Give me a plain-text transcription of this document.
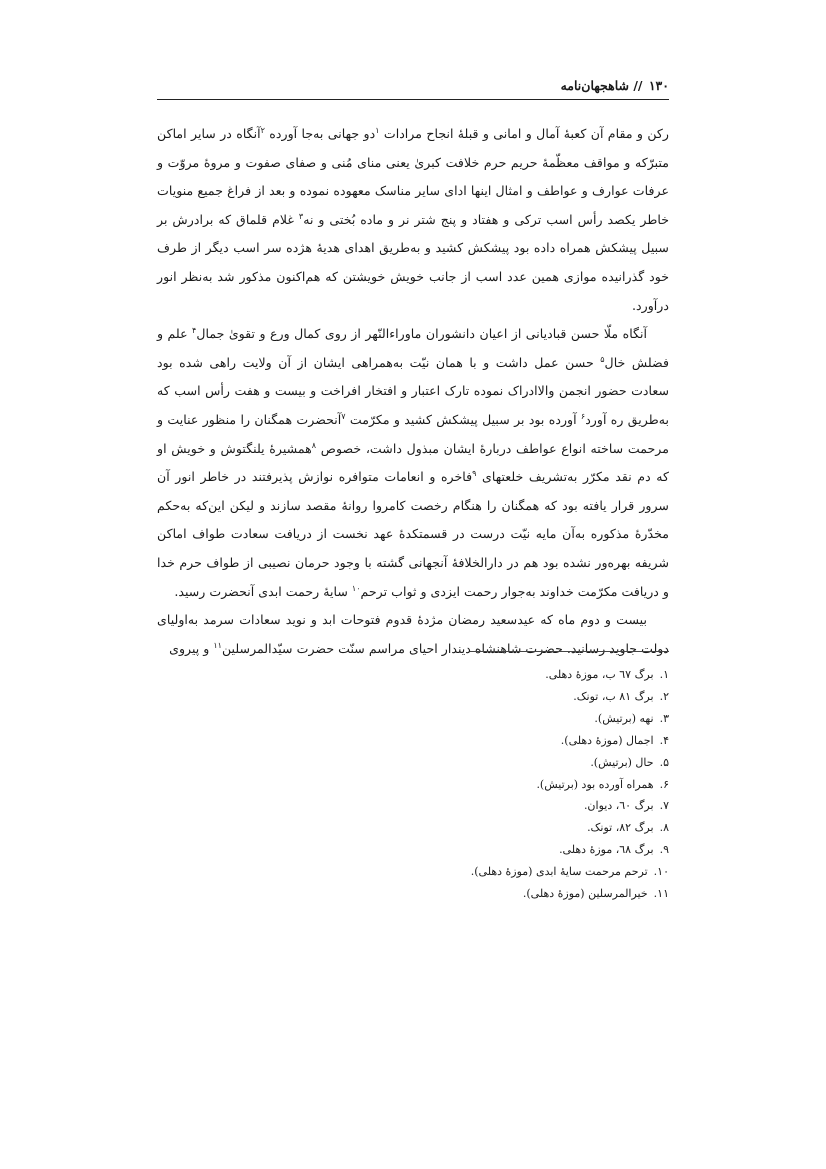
۱۳۰ // شاهجهان‌نامه

رکن و مقام آن کعبهٔ آمال و امانی و قبلهٔ انجاح مرادات $^۱$دو جهانی به‌جا آورده $^۲$آنگاه در سایر اماکن متبرّکه و مواقف معظّمهٔ حریم حرم خلافت کبریٰ یعنی منای مُنی و صفای صفوت و مروهٔ مروّت و عرفات عوارف و عواطف و امثال اینها ادای سایر مناسک معهوده نموده و بعد از فراغ جمیع منویات خاطر یکصد رأس اسب ترکی و هفتاد و پنج شتر نر و ماده بُختی و نه$^۳$ غلام قلماق که برادرش بر سبیل پیشکش همراه داده بود پیشکش کشید و به‌طریق اهدای هدیهٔ هژده سر اسب دیگر از طرف خود گذرانیده موازی همین عدد اسب از جانب خویش خویشتن که هم‌اکنون مذکور شد به‌نظر انور درآورد.

آنگاه ملّا حسن قبادیانی از اعیان دانشوران ماوراءالنّهر از روی کمال ورع و تقویٰ جمال$^۴$ علم و فضلش خال$^۵$ حسن عمل داشت و با همان نیّت به‌همراهی ایشان از آن ولایت راهی شده بود سعادت حضور انجمن والاادراک نموده تارک اعتبار و افتخار افراخت و بیست و هفت رأس اسب که به‌طریق ره آورد$^۶$ آورده بود بر سبیل پیشکش کشید و مکرّمت $^۷$آنحضرت همگنان را منظور عنایت و مرحمت ساخته انواع عواطف دربارهٔ ایشان مبذول داشت، خصوص $^۸$همشیرهٔ یلنگتوش و خویش او که دم نقد مکرّر به‌تشریف خلعتهای $^۹$فاخره و انعامات متوافره نوازش پذیرفتند در خاطر انور آن سرور قرار یافته بود که همگنان را هنگام رخصت کامروا روانهٔ مقصد سازند و لیکن این‌که به‌حکم مخدّرهٔ مذکوره به‌آن مایه نیّت درست در قسمتکدهٔ عهد نخست از دریافت سعادت طواف اماکن شریفه بهره‌ور نشده بود هم در دارالخلافهٔ آنجهانی گشته با وجود حرمان نصیبی از طواف حرم خدا و دریافت مکرّمت خداوند به‌جوار رحمت ایزدی و ثواب ترحم$^{۱۰}$ سایهٔ رحمت ابدی آنحضرت رسید.

بیست و دوم ماه که عیدسعید رمضان مژدهٔ قدوم فتوحات ابد و نوید سعادات سرمد به‌اولیای دولت جاوید رسانید. حضرت شاهنشاه دیندار احیای مراسم سنّت حضرت سیّدالمرسلین$^{۱۱}$ و پیروی

۱.برگ ٦٧ ب، موزهٔ دهلی.
۲.برگ ٨١ ب، تونک.
۳.نهه (برتیش).
۴.اجمال (موزهٔ دهلی).
۵.حال (برتیش).
۶.همراه آورده بود (برتیش).
۷.برگ ٦٠، دیوان.
۸.برگ ٨٢، تونک.
۹.برگ ٦٨، موزهٔ دهلی.
۱۰.ترحم مرحمت سایهٔ ابدی (موزهٔ دهلی).
۱۱.خیرالمرسلین (موزهٔ دهلی).
